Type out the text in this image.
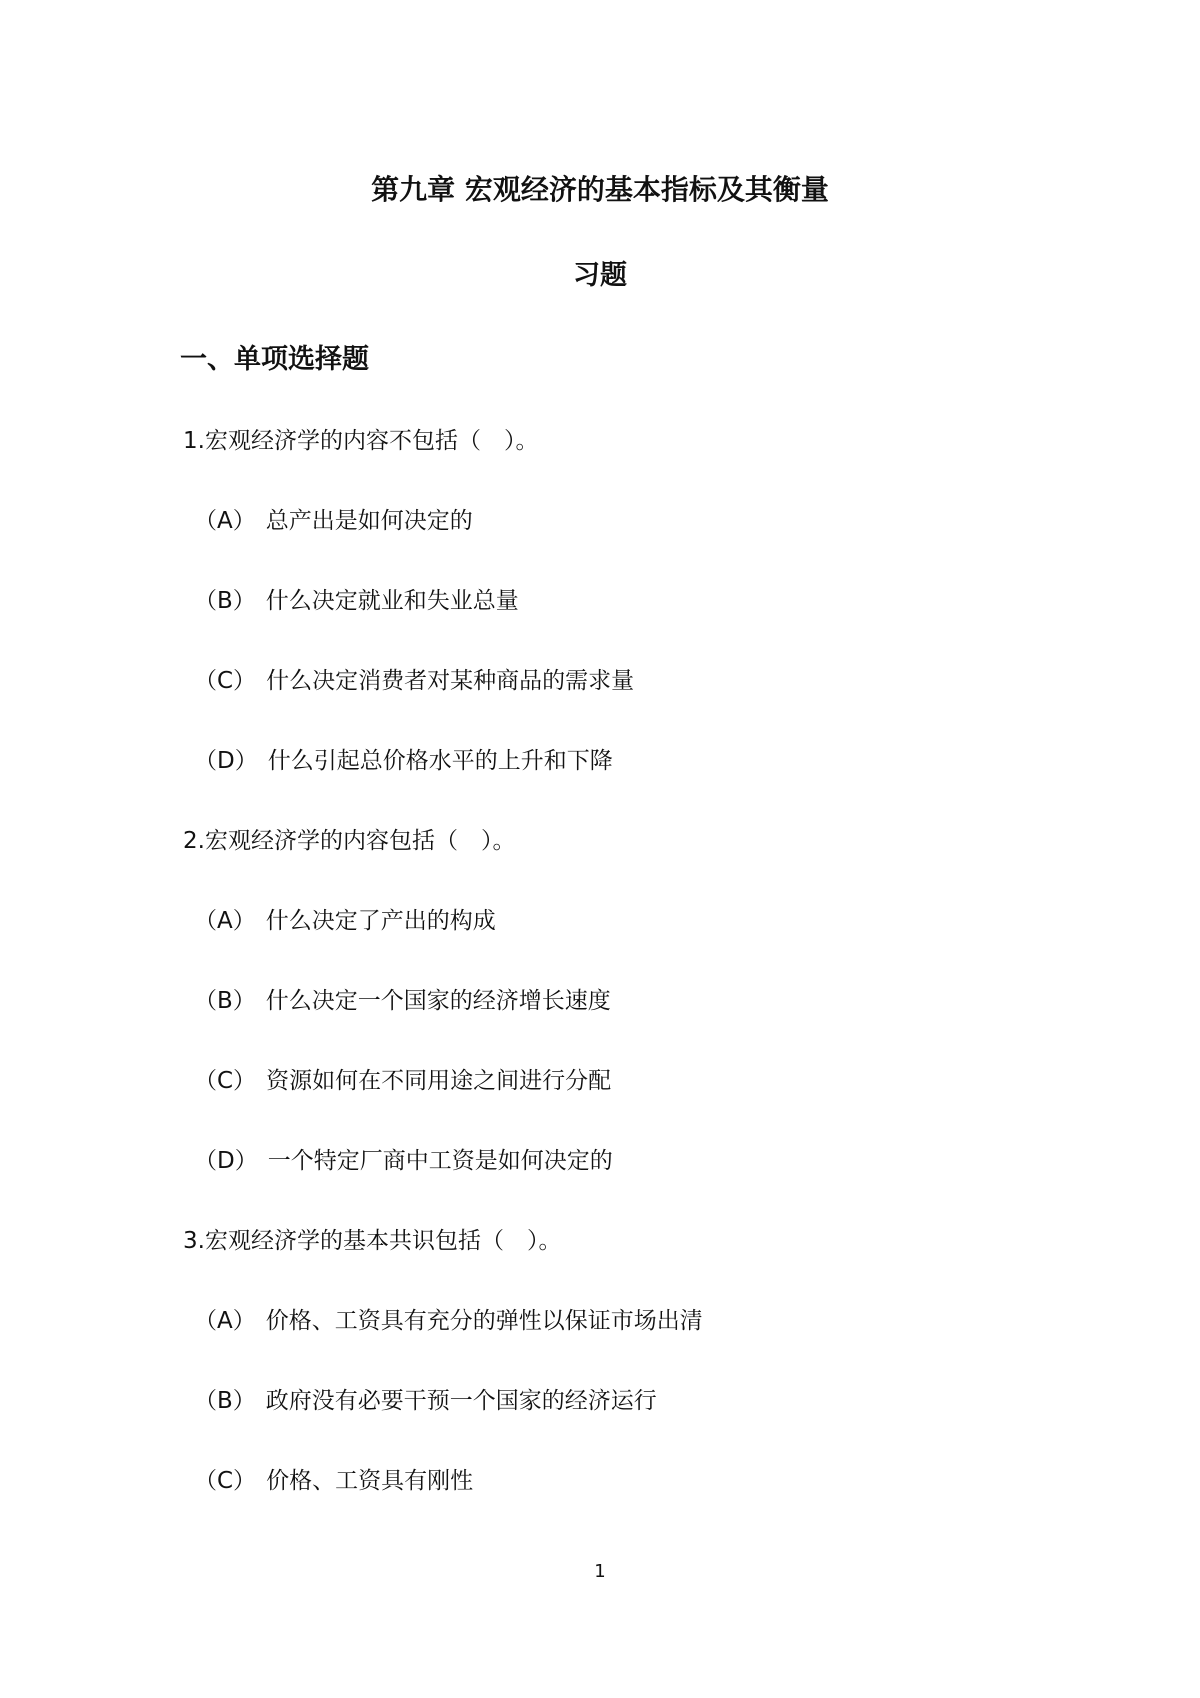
第九章 宏观经济的基本指标及其衡量
习题
一、单项选择题
1.宏观经济学的内容不包括（　）。
（A） 总产出是如何决定的
（B） 什么决定就业和失业总量
（C） 什么决定消费者对某种商品的需求量
（D） 什么引起总价格水平的上升和下降
2.宏观经济学的内容包括（　）。
（A） 什么决定了产出的构成
（B） 什么决定一个国家的经济增长速度
（C） 资源如何在不同用途之间进行分配
（D） 一个特定厂商中工资是如何决定的
3.宏观经济学的基本共识包括（　）。
（A） 价格、工资具有充分的弹性以保证市场出清
（B） 政府没有必要干预一个国家的经济运行
（C） 价格、工资具有刚性
1
